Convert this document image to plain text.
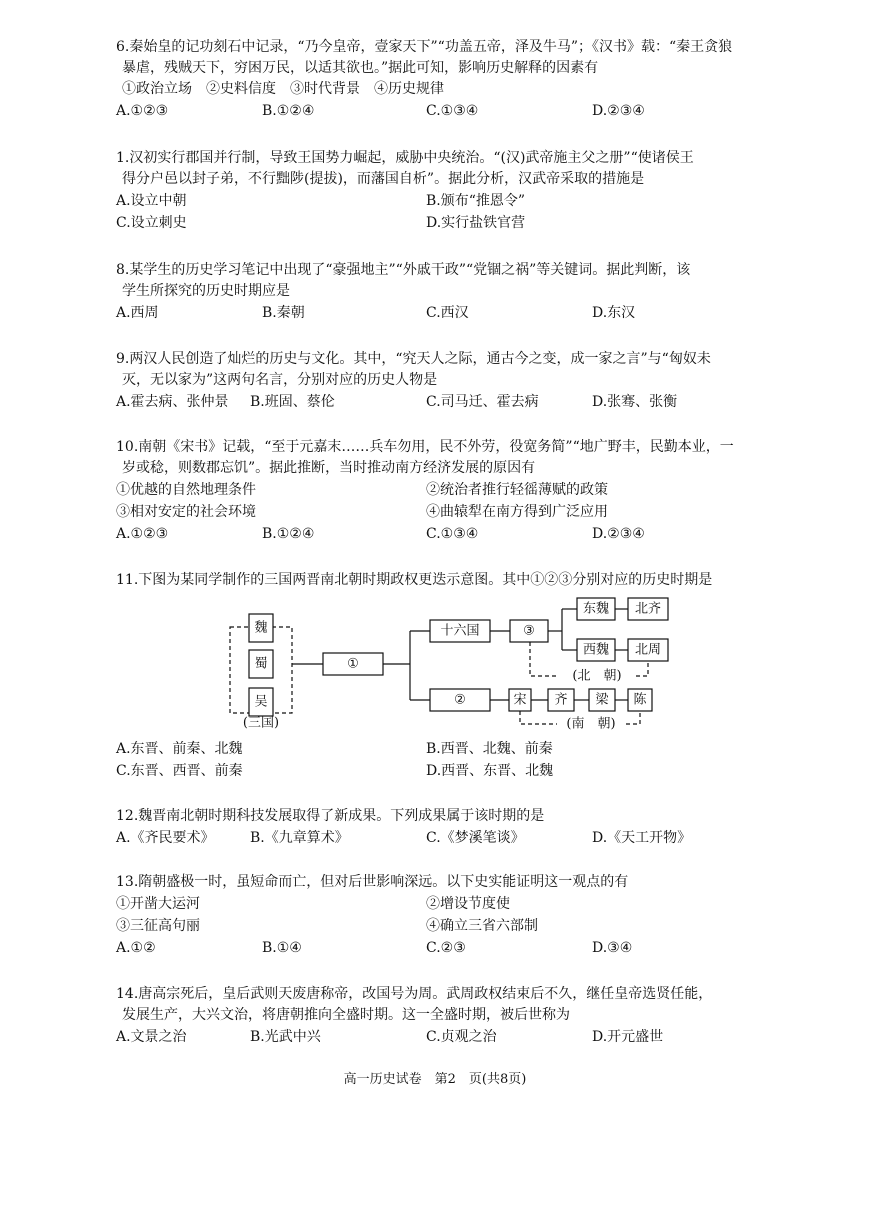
6.秦始皇的记功刻石中记录，“乃今皇帝，壹家天下”“功盖五帝，泽及牛马”；《汉书》载：“秦王贪狼
暴虐，残贼天下，穷困万民，以适其欲也。”据此可知，影响历史解释的因素有
①政治立场　②史料信度　③时代背景　④历史规律
A.①②③	B.①②④	C.①③④	D.②③④
1.汉初实行郡国并行制，导致王国势力崛起，威胁中央统治。“(汉)武帝施主父之册”“使诸侯王
得分户邑以封子弟，不行黜陟(提拔)，而藩国自析”。据此分析，汉武帝采取的措施是
A.设立中朝	B.颁布“推恩令”
C.设立刺史	D.实行盐铁官营
8.某学生的历史学习笔记中出现了“豪强地主”“外戚干政”“党锢之祸”等关键词。据此判断，该
学生所探究的历史时期应是
A.西周	B.秦朝	C.西汉	D.东汉
9.两汉人民创造了灿烂的历史与文化。其中，“究天人之际，通古今之变，成一家之言”与“匈奴未
灭，无以家为”这两句名言，分别对应的历史人物是
A.霍去病、张仲景 B.班固、蔡伦	C.司马迁、霍去病	D.张骞、张衡
10.南朝《宋书》记载，“至于元嘉末……兵车勿用，民不外劳，役宽务简”“地广野丰，民勤本业，一
岁或稔，则数郡忘饥”。据此推断，当时推动南方经济发展的原因有
①优越的自然地理条件	②统治者推行轻徭薄赋的政策
③相对安定的社会环境	④曲辕犁在南方得到广泛应用
A.①②③	B.①②④	C.①③④	D.②③④
11.下图为某同学制作的三国两晋南北朝时期政权更迭示意图。其中①②③分别对应的历史时期是
魏
蜀
吴
(三国)
①
十六国	③
②
东魏 北齐
西魏 北周
(北　朝)
宋 齐 梁 陈
(南　朝)
A.东晋、前秦、北魏	B.西晋、北魏、前秦
C.东晋、西晋、前秦	D.西晋、东晋、北魏
12.魏晋南北朝时期科技发展取得了新成果。下列成果属于该时期的是
A.《齐民要术》	B.《九章算术》	C.《梦溪笔谈》	D.《天工开物》
13.隋朝盛极一时，虽短命而亡，但对后世影响深远。以下史实能证明这一观点的有
①开凿大运河	②增设节度使
③三征高句丽	④确立三省六部制
A.①②	B.①④	C.②③	D.③④
14.唐高宗死后，皇后武则天废唐称帝，改国号为周。武周政权结束后不久，继任皇帝选贤任能，
发展生产，大兴文治，将唐朝推向全盛时期。这一全盛时期，被后世称为
A.文景之治	B.光武中兴	C.贞观之治	D.开元盛世
高一历史试卷　第2　页(共8页)
